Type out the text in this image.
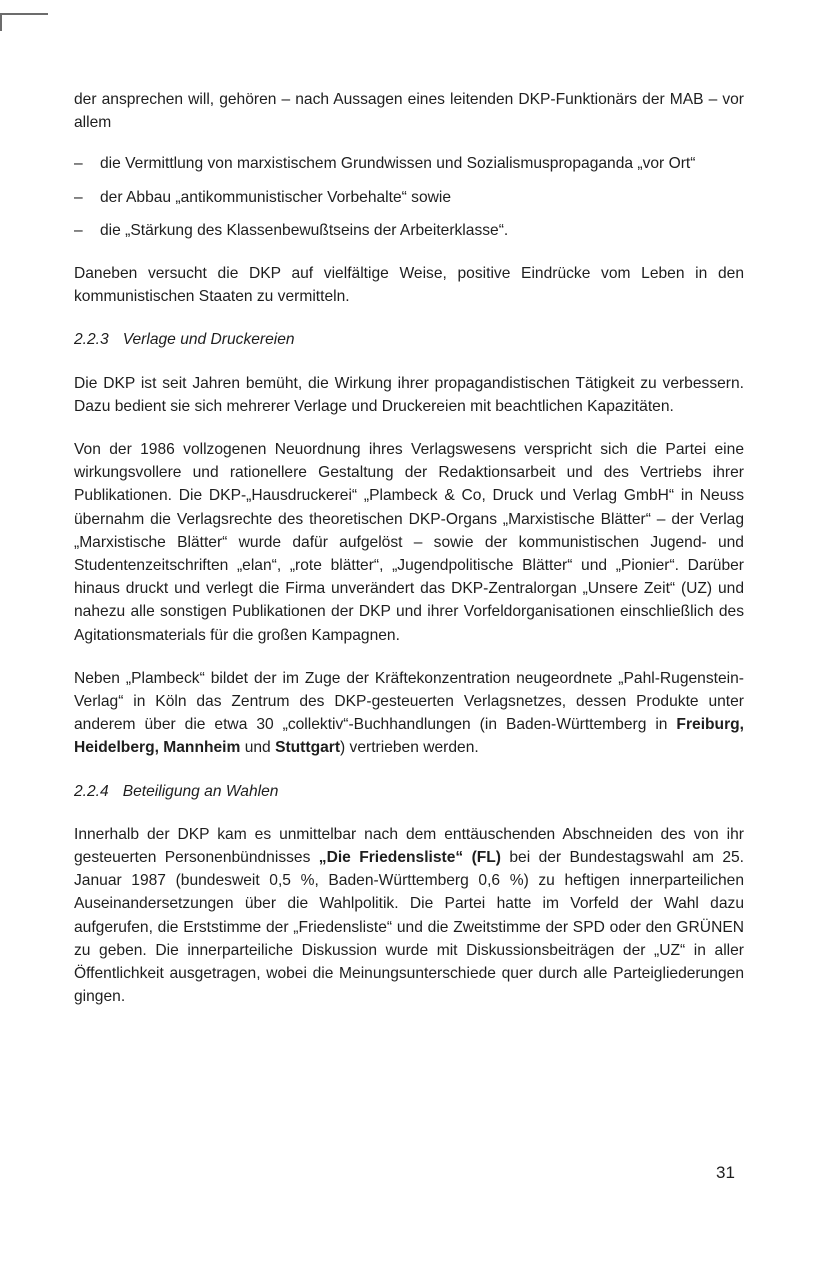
der ansprechen will, gehören – nach Aussagen eines leitenden DKP-Funktionärs der MAB – vor allem

– die Vermittlung von marxistischem Grundwissen und Sozialismuspropaganda „vor Ort“
– der Abbau „antikommunistischer Vorbehalte“ sowie
– die „Stärkung des Klassenbewußtseins der Arbeiterklasse“.

Daneben versucht die DKP auf vielfältige Weise, positive Eindrücke vom Leben in den kommunistischen Staaten zu vermitteln.

2.2.3 Verlage und Druckereien

Die DKP ist seit Jahren bemüht, die Wirkung ihrer propagandistischen Tätigkeit zu verbessern. Dazu bedient sie sich mehrerer Verlage und Druckereien mit beachtlichen Kapazitäten.

Von der 1986 vollzogenen Neuordnung ihres Verlagswesens verspricht sich die Partei eine wirkungsvollere und rationellere Gestaltung der Redaktionsarbeit und des Vertriebs ihrer Publikationen. Die DKP-„Hausdruckerei“ „Plambeck & Co, Druck und Verlag GmbH“ in Neuss übernahm die Verlagsrechte des theoretischen DKP-Organs „Marxistische Blätter“ – der Verlag „Marxistische Blätter“ wurde dafür aufgelöst – sowie der kommunistischen Jugend- und Studentenzeitschriften „elan“, „rote blätter“, „Jugendpolitische Blätter“ und „Pionier“. Darüber hinaus druckt und verlegt die Firma unverändert das DKP-Zentralorgan „Unsere Zeit“ (UZ) und nahezu alle sonstigen Publikationen der DKP und ihrer Vorfeldorganisationen einschließlich des Agitationsmaterials für die großen Kampagnen.

Neben „Plambeck“ bildet der im Zuge der Kräftekonzentration neugeordnete „Pahl-Rugenstein-Verlag“ in Köln das Zentrum des DKP-gesteuerten Verlagsnetzes, dessen Produkte unter anderem über die etwa 30 „collektiv“-Buchhandlungen (in Baden-Württemberg in Freiburg, Heidelberg, Mannheim und Stuttgart) vertrieben werden.

2.2.4 Beteiligung an Wahlen

Innerhalb der DKP kam es unmittelbar nach dem enttäuschenden Abschneiden des von ihr gesteuerten Personenbündnisses „Die Friedensliste“ (FL) bei der Bundestagswahl am 25. Januar 1987 (bundesweit 0,5 %, Baden-Württemberg 0,6 %) zu heftigen innerparteilichen Auseinandersetzungen über die Wahlpolitik. Die Partei hatte im Vorfeld der Wahl dazu aufgerufen, die Erststimme der „Friedensliste“ und die Zweitstimme der SPD oder den GRÜNEN zu geben. Die innerparteiliche Diskussion wurde mit Diskussionsbeiträgen der „UZ“ in aller Öffentlichkeit ausgetragen, wobei die Meinungsunterschiede quer durch alle Parteigliederungen gingen.

31
